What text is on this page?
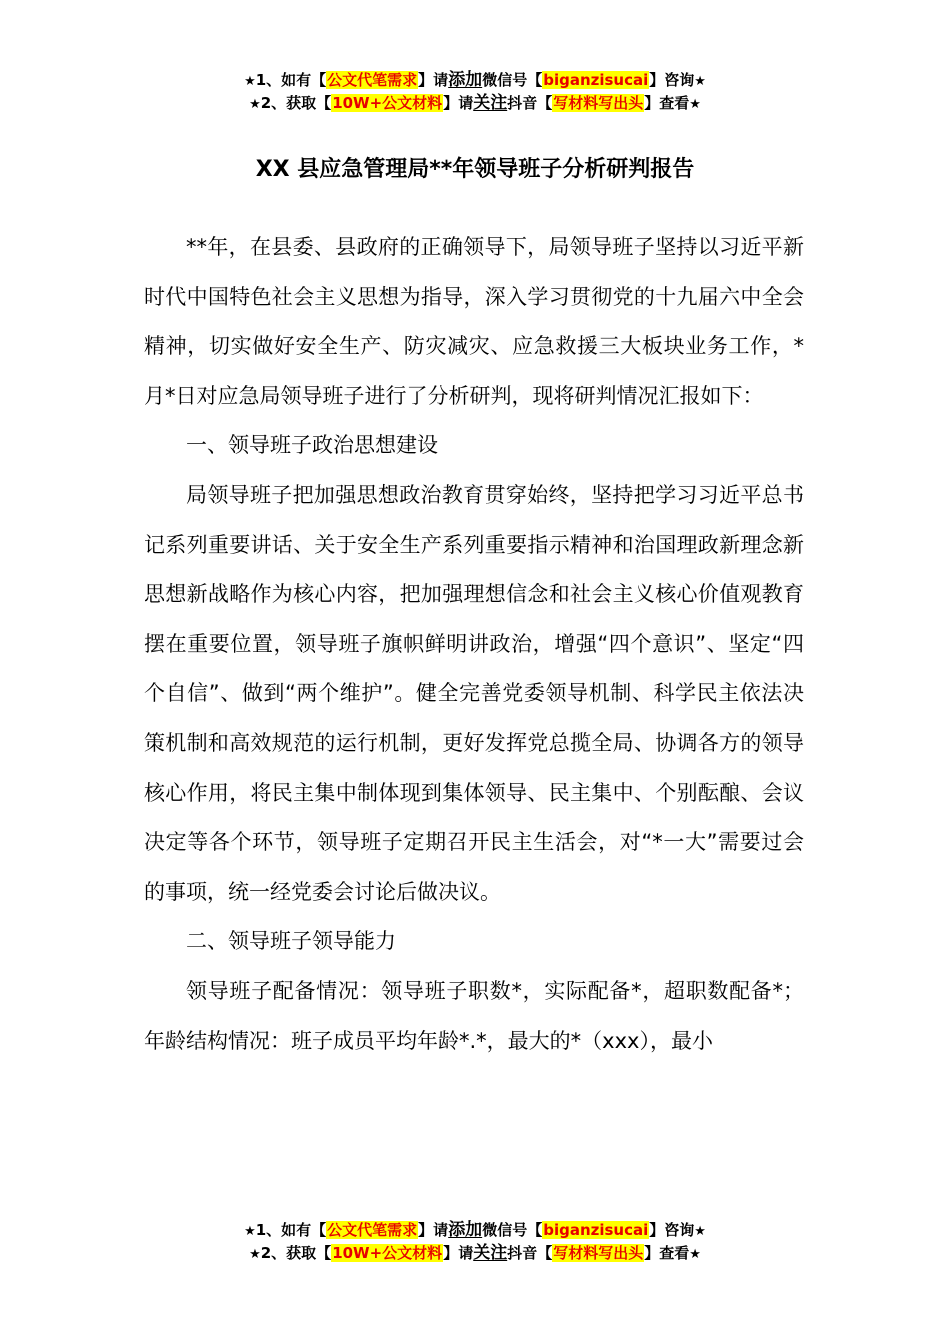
★1、如有【公文代笔需求】请添加微信号【biganzisucai】咨询★
★2、获取【10W+公文材料】请关注抖音【写材料写出头】查看★
XX 县应急管理局**年领导班子分析研判报告

**年，在县委、县政府的正确领导下，局领导班子坚持以习近平新时代中国特色社会主义思想为指导，深入学习贯彻党的十九届六中全会精神，切实做好安全生产、防灾减灾、应急救援三大板块业务工作，*月*日对应急局领导班子进行了分析研判，现将研判情况汇报如下：

一、领导班子政治思想建设

局领导班子把加强思想政治教育贯穿始终，坚持把学习习近平总书记系列重要讲话、关于安全生产系列重要指示精神和治国理政新理念新思想新战略作为核心内容，把加强理想信念和社会主义核心价值观教育摆在重要位置，领导班子旗帜鲜明讲政治，增强“四个意识”、坚定“四个自信”、做到“两个维护”。健全完善党委领导机制、科学民主依法决策机制和高效规范的运行机制，更好发挥党总揽全局、协调各方的领导核心作用，将民主集中制体现到集体领导、民主集中、个别酝酿、会议决定等各个环节，领导班子定期召开民主生活会，对“*一大”需要过会的事项，统一经党委会讨论后做决议。

二、领导班子领导能力

领导班子配备情况：领导班子职数*，实际配备*，超职数配备*；年龄结构情况：班子成员平均年龄*.*，最大的*（xxx），最小

★1、如有【公文代笔需求】请添加微信号【biganzisucai】咨询★
★2、获取【10W+公文材料】请关注抖音【写材料写出头】查看★
